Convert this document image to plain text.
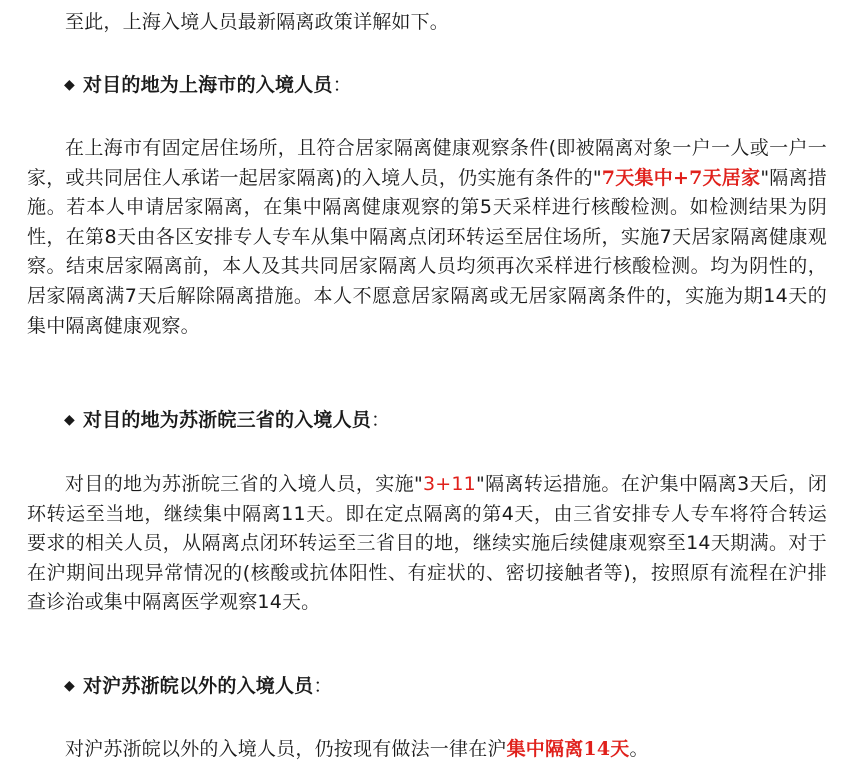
至此，上海入境人员最新隔离政策详解如下。

◆ 对目的地为上海市的入境人员：

在上海市有固定居住场所，且符合居家隔离健康观察条件(即被隔离对象一户一人或一户一家，或共同居住人承诺一起居家隔离)的入境人员，仍实施有条件的"7天集中+7天居家"隔离措施。若本人申请居家隔离，在集中隔离健康观察的第5天采样进行核酸检测。如检测结果为阴性，在第8天由各区安排专人专车从集中隔离点闭环转运至居住场所，实施7天居家隔离健康观察。结束居家隔离前，本人及其共同居家隔离人员均须再次采样进行核酸检测。均为阴性的，居家隔离满7天后解除隔离措施。本人不愿意居家隔离或无居家隔离条件的，实施为期14天的集中隔离健康观察。

◆ 对目的地为苏浙皖三省的入境人员：

对目的地为苏浙皖三省的入境人员，实施"3+11"隔离转运措施。在沪集中隔离3天后，闭环转运至当地，继续集中隔离11天。即在定点隔离的第4天，由三省安排专人专车将符合转运要求的相关人员，从隔离点闭环转运至三省目的地，继续实施后续健康观察至14天期满。对于在沪期间出现异常情况的(核酸或抗体阳性、有症状的、密切接触者等)，按照原有流程在沪排查诊治或集中隔离医学观察14天。

◆ 对沪苏浙皖以外的入境人员：

对沪苏浙皖以外的入境人员，仍按现有做法一律在沪集中隔离14天。
